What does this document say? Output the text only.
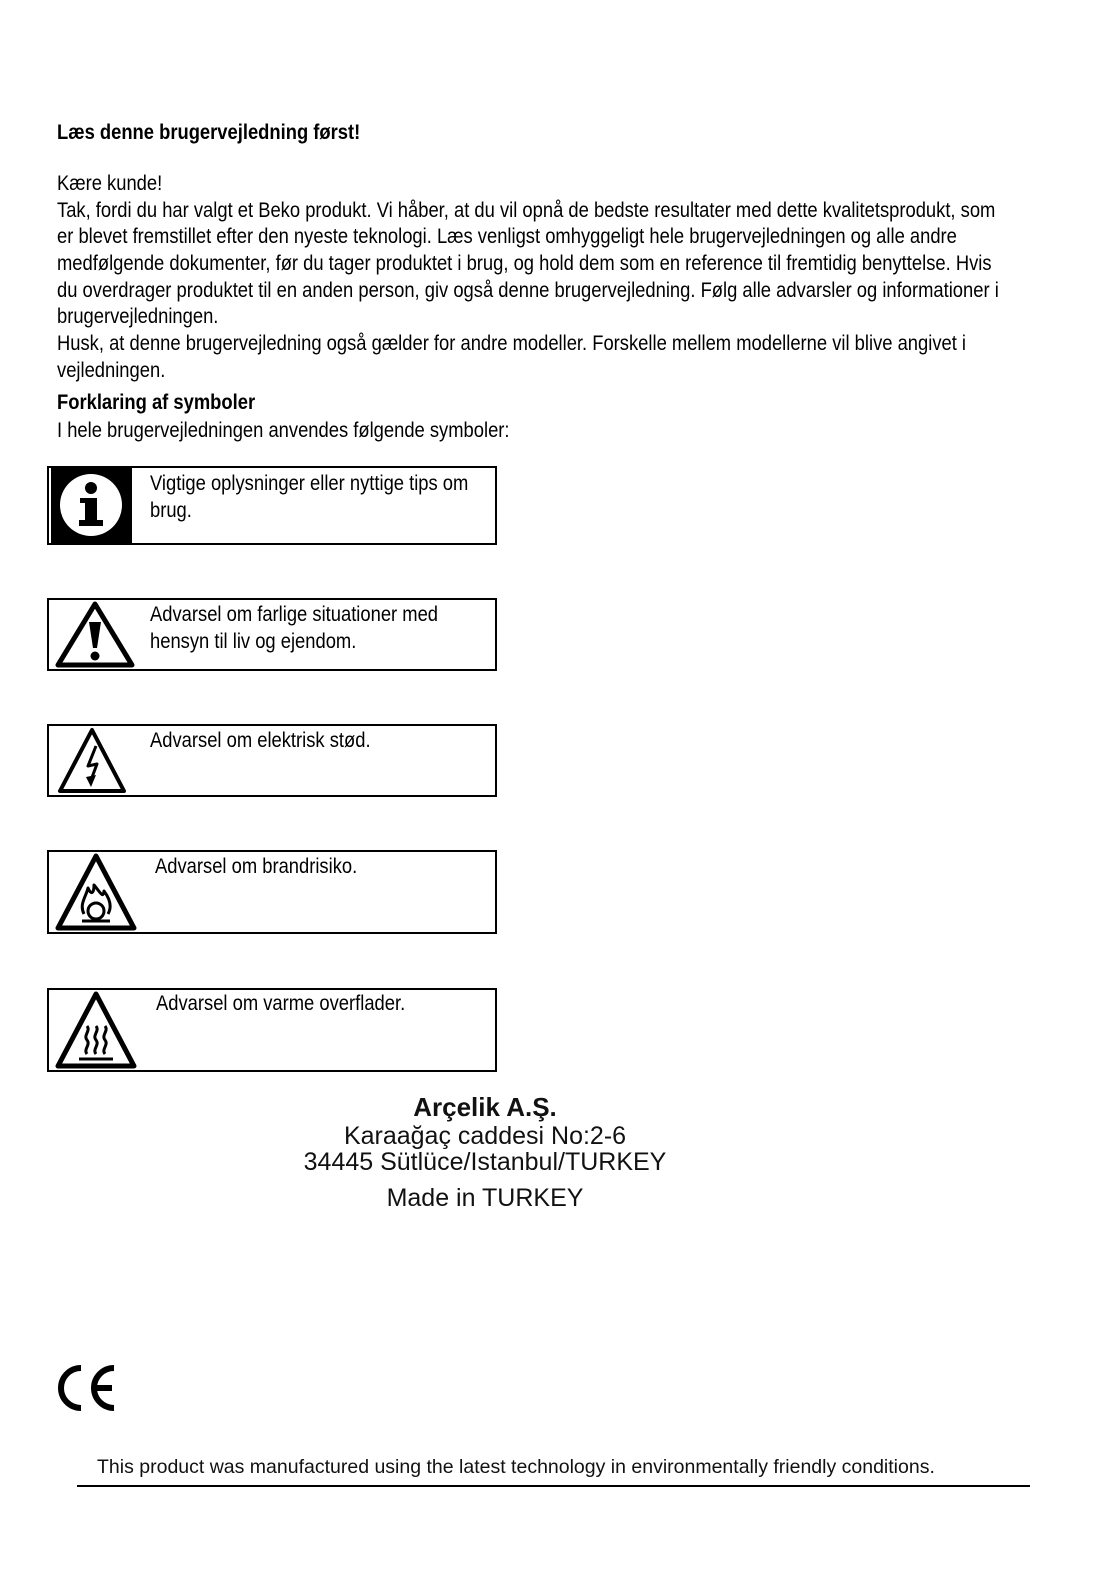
Læs denne brugervejledning først!
Kære kunde!
Tak, fordi du har valgt et Beko produkt. Vi håber, at du vil opnå de bedste resultater med dette kvalitetsprodukt, som
er blevet fremstillet efter den nyeste teknologi. Læs venligst omhyggeligt hele brugervejledningen og alle andre
medfølgende dokumenter, før du tager produktet i brug, og hold dem som en reference til fremtidig benyttelse. Hvis
du overdrager produktet til en anden person, giv også denne brugervejledning. Følg alle advarsler og informationer i
brugervejledningen.
Husk, at denne brugervejledning også gælder for andre modeller. Forskelle mellem modellerne vil blive angivet i
vejledningen.
Forklaring af symboler
I hele brugervejledningen anvendes følgende symboler:
Vigtige oplysninger eller nyttige tips om
brug.
Advarsel om farlige situationer med
hensyn til liv og ejendom.
Advarsel om elektrisk stød.
Advarsel om brandrisiko.
Advarsel om varme overflader.
Arçelik A.Ş.
Karaağaç caddesi No:2-6
34445 Sütlüce/Istanbul/TURKEY
Made in TURKEY
This product was manufactured using the latest technology in environmentally friendly conditions.
